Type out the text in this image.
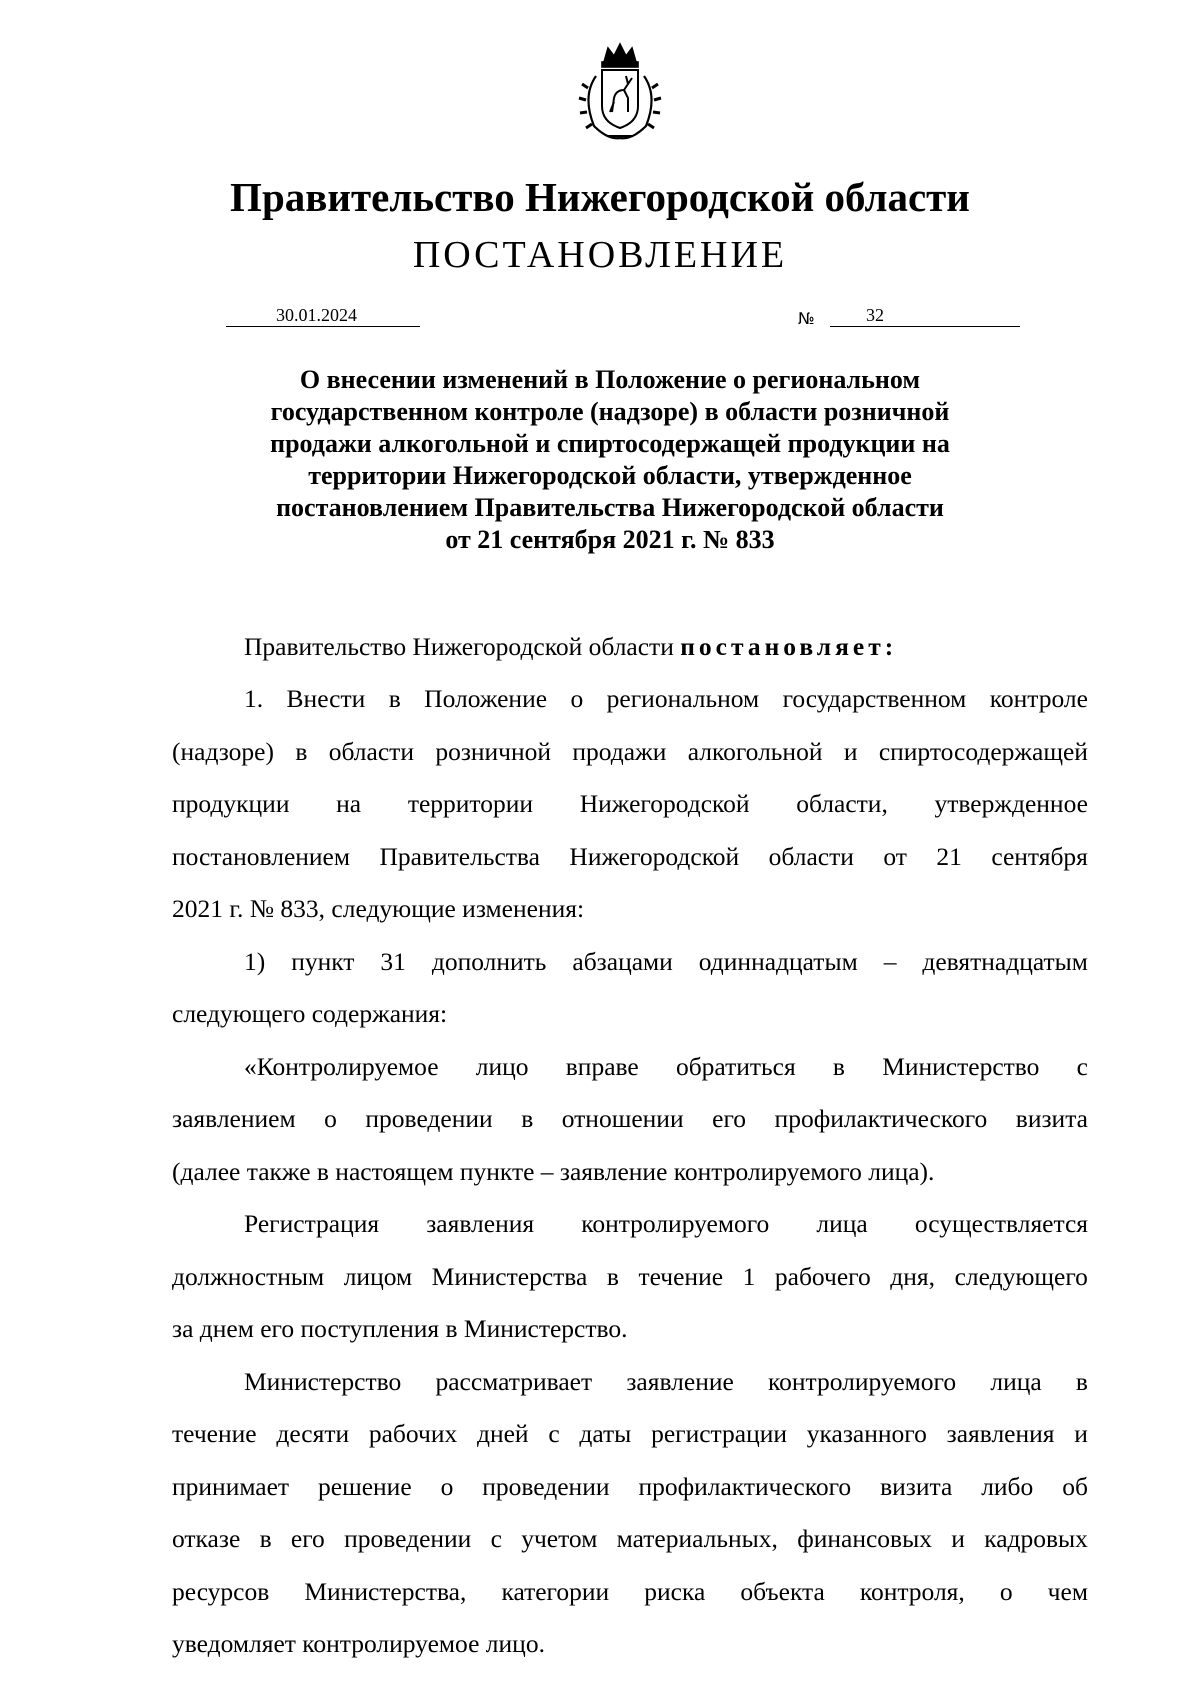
Правительство Нижегородской области
ПОСТАНОВЛЕНИЕ
30.01.2024	№	32
О внесении изменений в Положение о региональном
государственном контроле (надзоре) в области розничной
продажи алкогольной и спиртосодержащей продукции на
территории Нижегородской области, утвержденное
постановлением Правительства Нижегородской области
от 21 сентября 2021 г. № 833
Правительство Нижегородской области постановляет:
1. Внести в Положение о региональном государственном контроле
(надзоре) в области розничной продажи алкогольной и спиртосодержащей
продукции на территории Нижегородской области, утвержденное
постановлением Правительства Нижегородской области от 21 сентября
2021 г. № 833, следующие изменения:
1) пункт 31 дополнить абзацами одиннадцатым – девятнадцатым
следующего содержания:
«Контролируемое лицо вправе обратиться в Министерство с
заявлением о проведении в отношении его профилактического визита
(далее также в настоящем пункте – заявление контролируемого лица).
Регистрация заявления контролируемого лица осуществляется
должностным лицом Министерства в течение 1 рабочего дня, следующего
за днем его поступления в Министерство.
Министерство рассматривает заявление контролируемого лица в
течение десяти рабочих дней с даты регистрации указанного заявления и
принимает решение о проведении профилактического визита либо об
отказе в его проведении с учетом материальных, финансовых и кадровых
ресурсов Министерства, категории риска объекта контроля, о чем
уведомляет контролируемое лицо.
